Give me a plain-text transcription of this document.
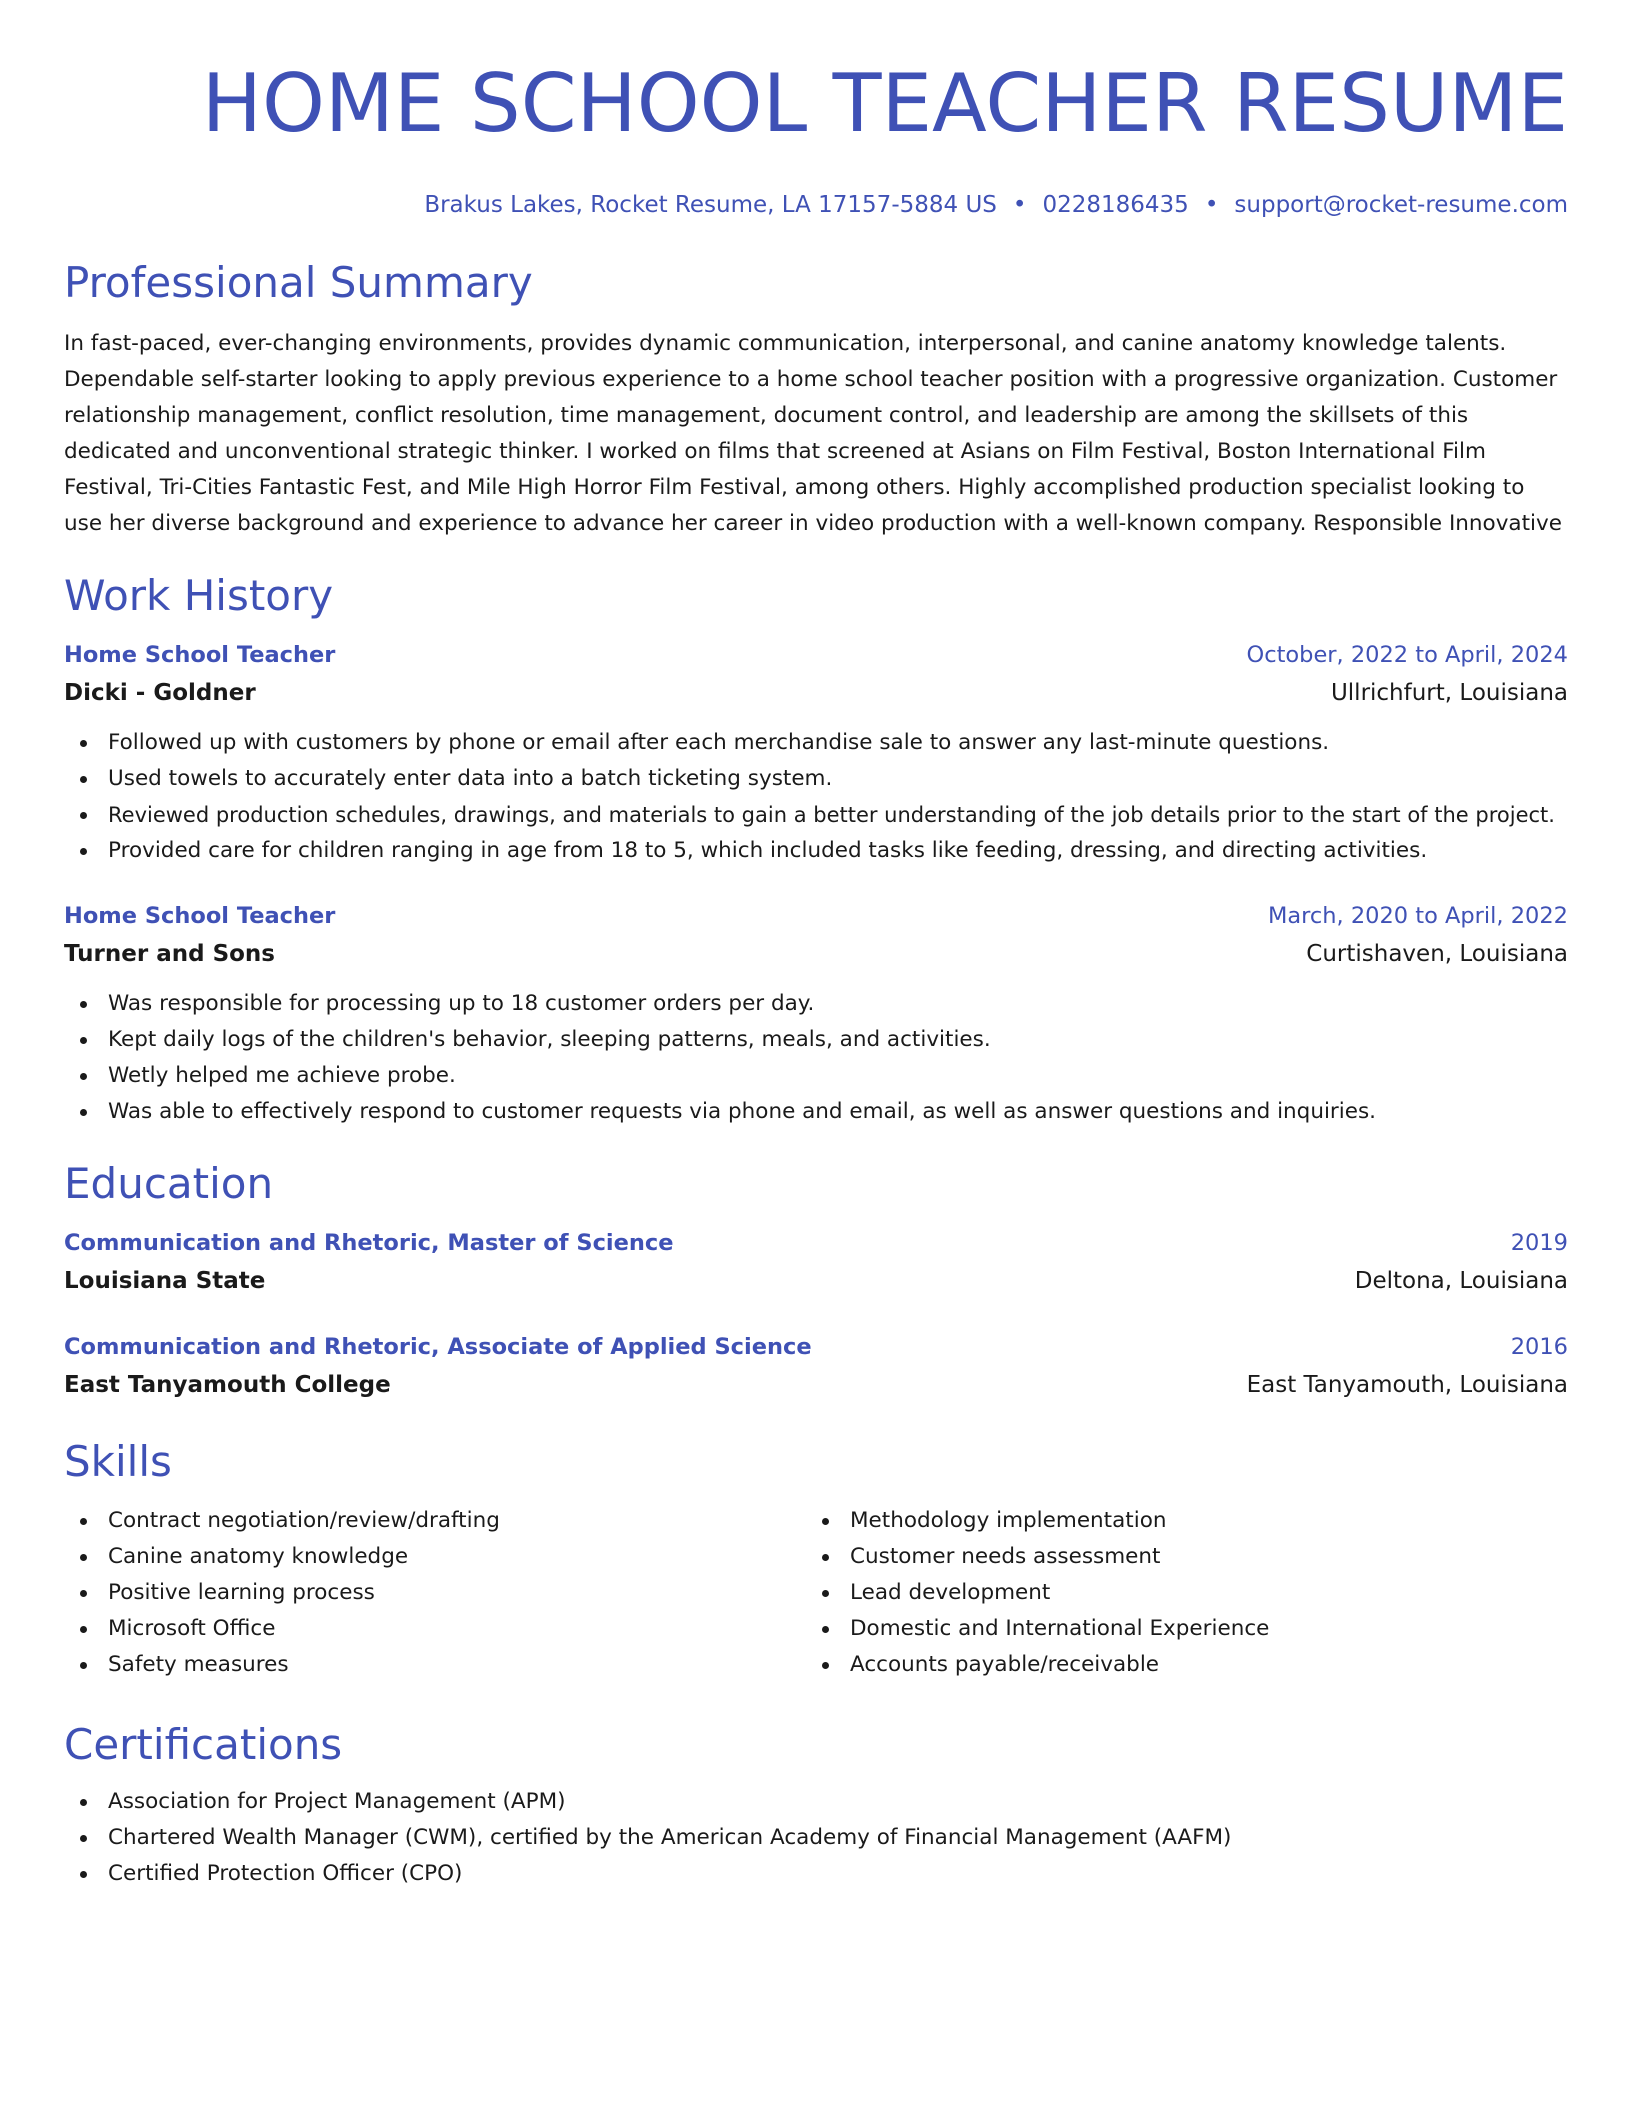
HOME SCHOOL TEACHER RESUME
Brakus Lakes, Rocket Resume, LA 17157-5884 US • 0228186435 • support@rocket-resume.com
Professional Summary
In fast-paced, ever-changing environments, provides dynamic communication, interpersonal, and canine anatomy knowledge talents. Dependable self-starter looking to apply previous experience to a home school teacher position with a progressive organization. Customer relationship management, conflict resolution, time management, document control, and leadership are among the skillsets of this dedicated and unconventional strategic thinker. I worked on films that screened at Asians on Film Festival, Boston International Film Festival, Tri-Cities Fantastic Fest, and Mile High Horror Film Festival, among others. Highly accomplished production specialist looking to use her diverse background and experience to advance her career in video production with a well-known company. Responsible Innovative
Work History
Home School Teacher	October, 2022 to April, 2024
Dicki - Goldner	Ullrichfurt, Louisiana
Followed up with customers by phone or email after each merchandise sale to answer any last-minute questions.
Used towels to accurately enter data into a batch ticketing system.
Reviewed production schedules, drawings, and materials to gain a better understanding of the job details prior to the start of the project.
Provided care for children ranging in age from 18 to 5, which included tasks like feeding, dressing, and directing activities.
Home School Teacher	March, 2020 to April, 2022
Turner and Sons	Curtishaven, Louisiana
Was responsible for processing up to 18 customer orders per day.
Kept daily logs of the children's behavior, sleeping patterns, meals, and activities.
Wetly helped me achieve probe.
Was able to effectively respond to customer requests via phone and email, as well as answer questions and inquiries.
Education
Communication and Rhetoric, Master of Science	2019
Louisiana State	Deltona, Louisiana
Communication and Rhetoric, Associate of Applied Science	2016
East Tanyamouth College	East Tanyamouth, Louisiana
Skills
Contract negotiation/review/drafting
Canine anatomy knowledge
Positive learning process
Microsoft Office
Safety measures
Methodology implementation
Customer needs assessment
Lead development
Domestic and International Experience
Accounts payable/receivable
Certifications
Association for Project Management (APM)
Chartered Wealth Manager (CWM), certified by the American Academy of Financial Management (AAFM)
Certified Protection Officer (CPO)
